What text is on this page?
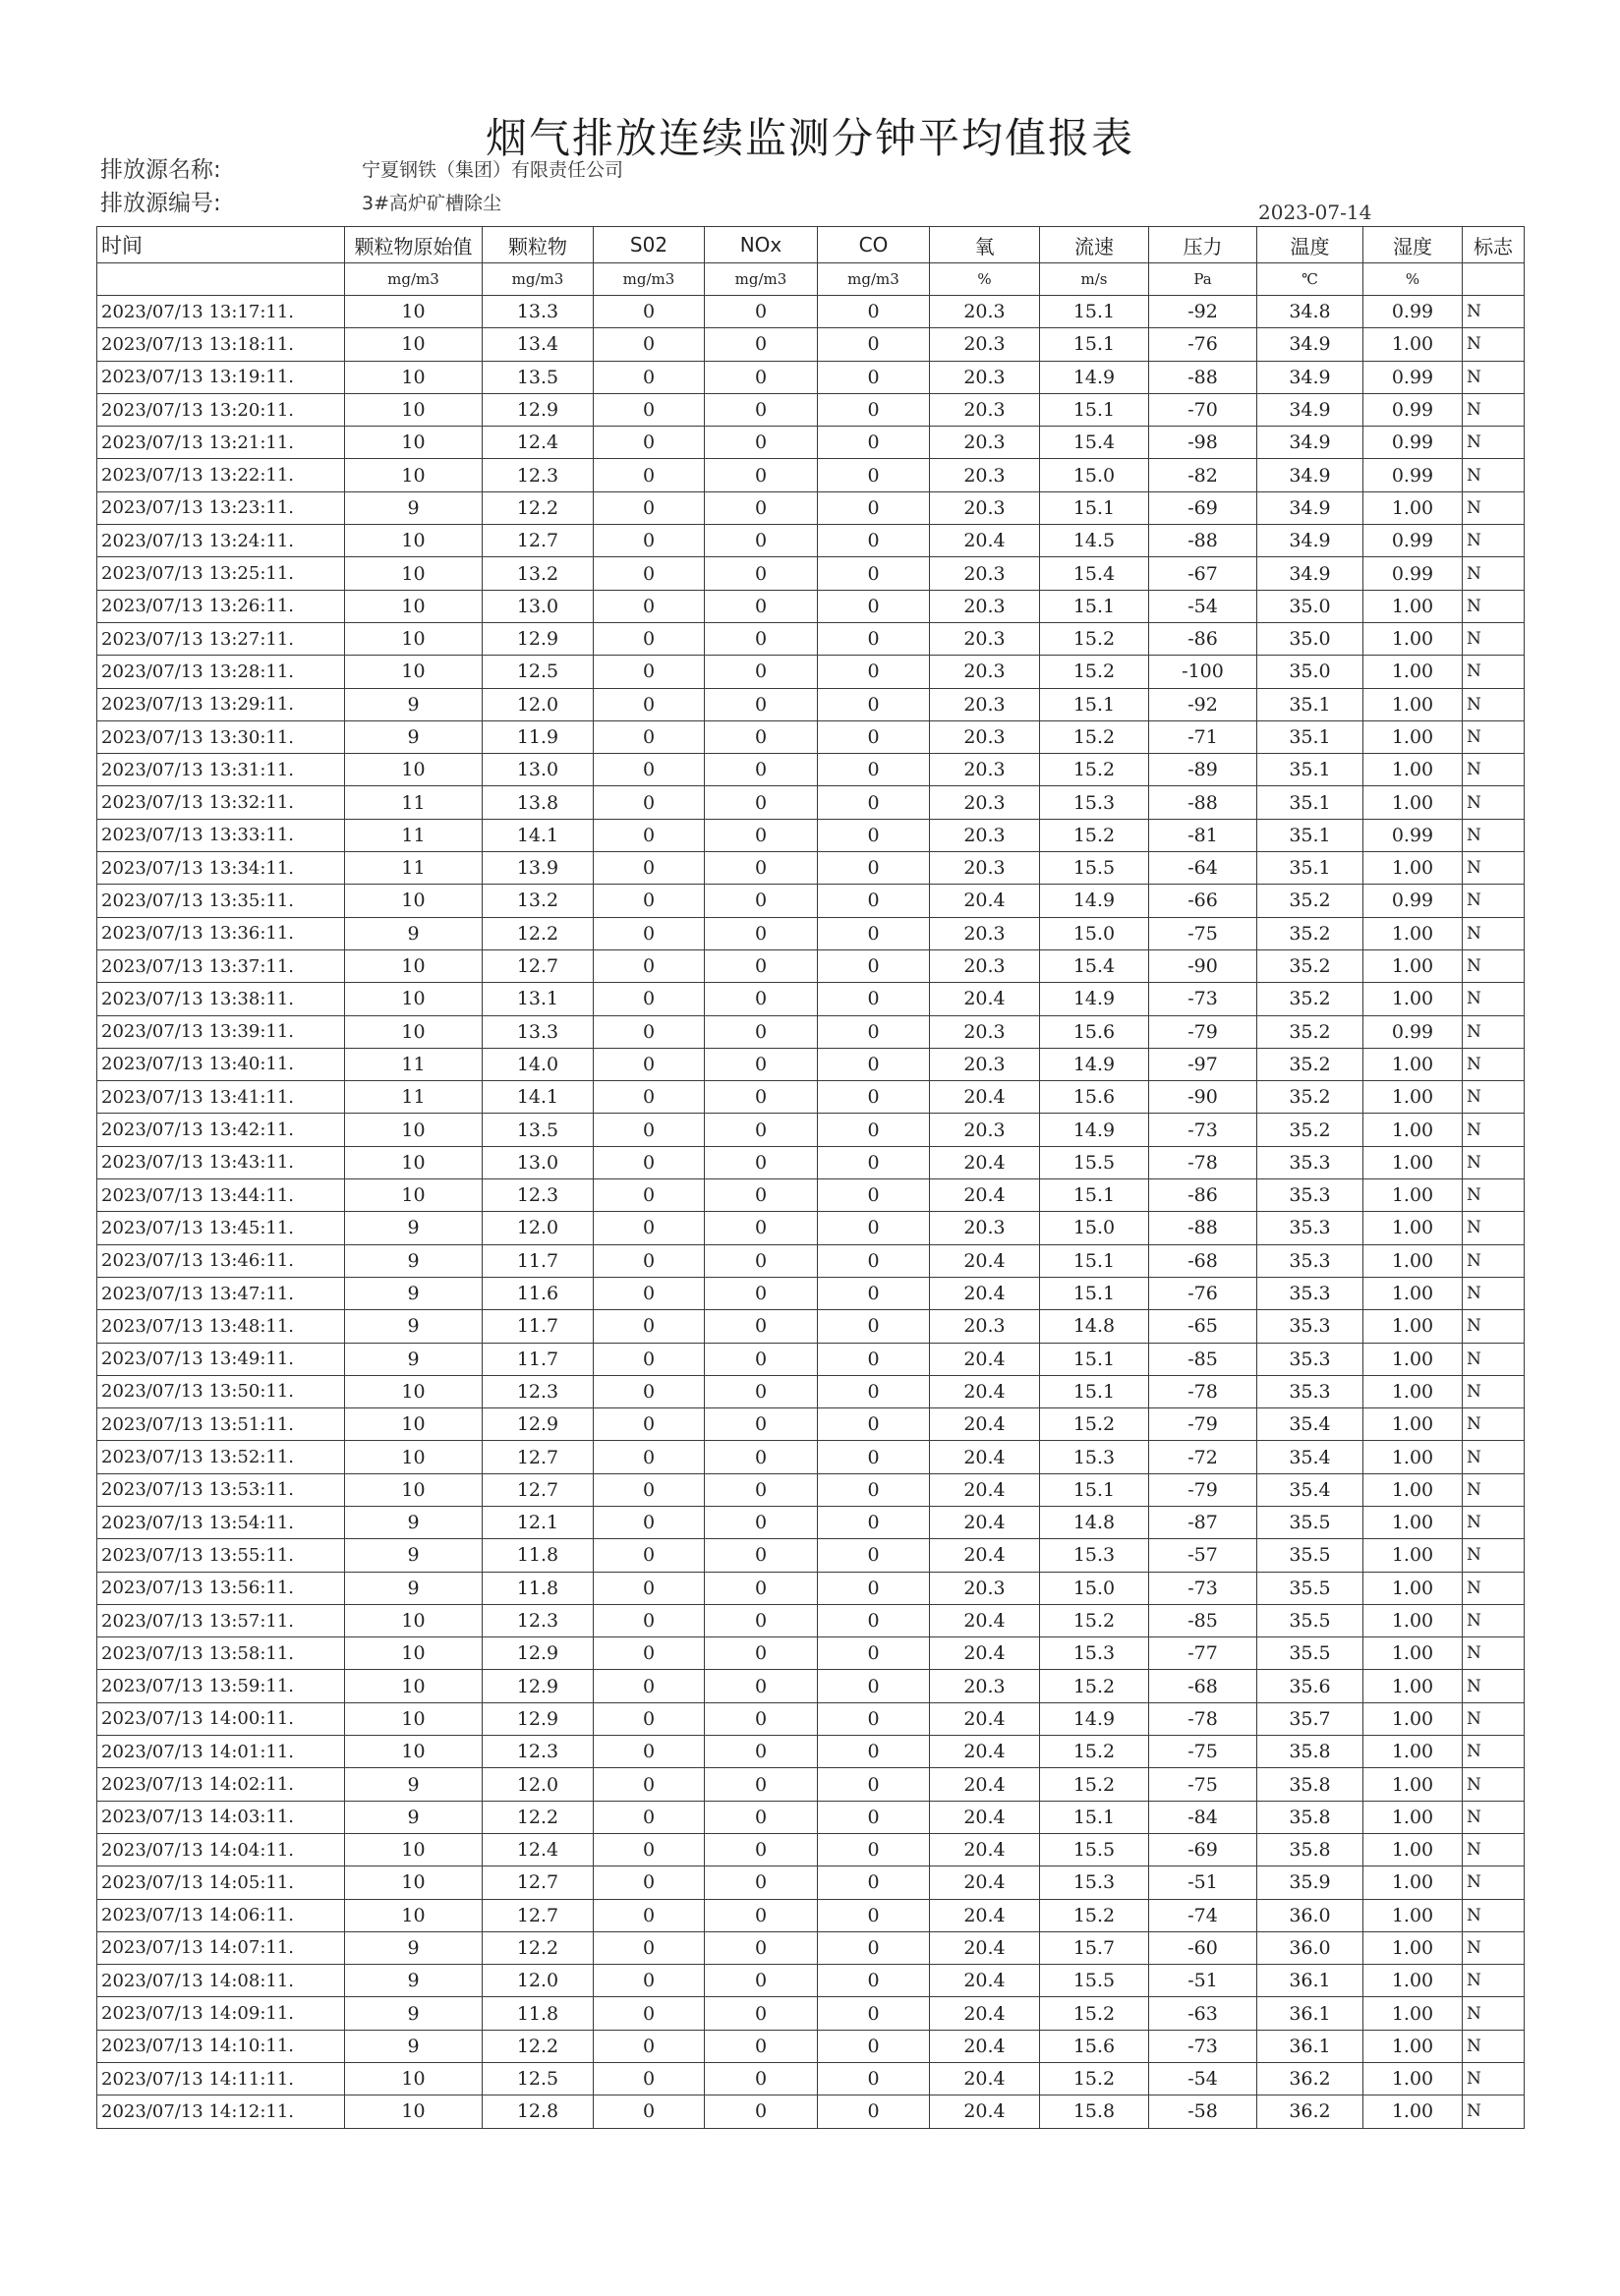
烟气排放连续监测分钟平均值报表
排放源名称:	宁夏钢铁（集团）有限责任公司
排放源编号:	3#高炉矿槽除尘	2023-07-14
时间	颗粒物原始值	颗粒物	S02	NOx	CO	氧	流速	压力	温度	湿度	标志
	mg/m3	mg/m3	mg/m3	mg/m3	mg/m3	%	m/s	Pa	℃	%	
2023/07/13 13:17:11.	10	13.3	0	0	0	20.3	15.1	-92	34.8	0.99	N
2023/07/13 13:18:11.	10	13.4	0	0	0	20.3	15.1	-76	34.9	1.00	N
2023/07/13 13:19:11.	10	13.5	0	0	0	20.3	14.9	-88	34.9	0.99	N
2023/07/13 13:20:11.	10	12.9	0	0	0	20.3	15.1	-70	34.9	0.99	N
2023/07/13 13:21:11.	10	12.4	0	0	0	20.3	15.4	-98	34.9	0.99	N
2023/07/13 13:22:11.	10	12.3	0	0	0	20.3	15.0	-82	34.9	0.99	N
2023/07/13 13:23:11.	9	12.2	0	0	0	20.3	15.1	-69	34.9	1.00	N
2023/07/13 13:24:11.	10	12.7	0	0	0	20.4	14.5	-88	34.9	0.99	N
2023/07/13 13:25:11.	10	13.2	0	0	0	20.3	15.4	-67	34.9	0.99	N
2023/07/13 13:26:11.	10	13.0	0	0	0	20.3	15.1	-54	35.0	1.00	N
2023/07/13 13:27:11.	10	12.9	0	0	0	20.3	15.2	-86	35.0	1.00	N
2023/07/13 13:28:11.	10	12.5	0	0	0	20.3	15.2	-100	35.0	1.00	N
2023/07/13 13:29:11.	9	12.0	0	0	0	20.3	15.1	-92	35.1	1.00	N
2023/07/13 13:30:11.	9	11.9	0	0	0	20.3	15.2	-71	35.1	1.00	N
2023/07/13 13:31:11.	10	13.0	0	0	0	20.3	15.2	-89	35.1	1.00	N
2023/07/13 13:32:11.	11	13.8	0	0	0	20.3	15.3	-88	35.1	1.00	N
2023/07/13 13:33:11.	11	14.1	0	0	0	20.3	15.2	-81	35.1	0.99	N
2023/07/13 13:34:11.	11	13.9	0	0	0	20.3	15.5	-64	35.1	1.00	N
2023/07/13 13:35:11.	10	13.2	0	0	0	20.4	14.9	-66	35.2	0.99	N
2023/07/13 13:36:11.	9	12.2	0	0	0	20.3	15.0	-75	35.2	1.00	N
2023/07/13 13:37:11.	10	12.7	0	0	0	20.3	15.4	-90	35.2	1.00	N
2023/07/13 13:38:11.	10	13.1	0	0	0	20.4	14.9	-73	35.2	1.00	N
2023/07/13 13:39:11.	10	13.3	0	0	0	20.3	15.6	-79	35.2	0.99	N
2023/07/13 13:40:11.	11	14.0	0	0	0	20.3	14.9	-97	35.2	1.00	N
2023/07/13 13:41:11.	11	14.1	0	0	0	20.4	15.6	-90	35.2	1.00	N
2023/07/13 13:42:11.	10	13.5	0	0	0	20.3	14.9	-73	35.2	1.00	N
2023/07/13 13:43:11.	10	13.0	0	0	0	20.4	15.5	-78	35.3	1.00	N
2023/07/13 13:44:11.	10	12.3	0	0	0	20.4	15.1	-86	35.3	1.00	N
2023/07/13 13:45:11.	9	12.0	0	0	0	20.3	15.0	-88	35.3	1.00	N
2023/07/13 13:46:11.	9	11.7	0	0	0	20.4	15.1	-68	35.3	1.00	N
2023/07/13 13:47:11.	9	11.6	0	0	0	20.4	15.1	-76	35.3	1.00	N
2023/07/13 13:48:11.	9	11.7	0	0	0	20.3	14.8	-65	35.3	1.00	N
2023/07/13 13:49:11.	9	11.7	0	0	0	20.4	15.1	-85	35.3	1.00	N
2023/07/13 13:50:11.	10	12.3	0	0	0	20.4	15.1	-78	35.3	1.00	N
2023/07/13 13:51:11.	10	12.9	0	0	0	20.4	15.2	-79	35.4	1.00	N
2023/07/13 13:52:11.	10	12.7	0	0	0	20.4	15.3	-72	35.4	1.00	N
2023/07/13 13:53:11.	10	12.7	0	0	0	20.4	15.1	-79	35.4	1.00	N
2023/07/13 13:54:11.	9	12.1	0	0	0	20.4	14.8	-87	35.5	1.00	N
2023/07/13 13:55:11.	9	11.8	0	0	0	20.4	15.3	-57	35.5	1.00	N
2023/07/13 13:56:11.	9	11.8	0	0	0	20.3	15.0	-73	35.5	1.00	N
2023/07/13 13:57:11.	10	12.3	0	0	0	20.4	15.2	-85	35.5	1.00	N
2023/07/13 13:58:11.	10	12.9	0	0	0	20.4	15.3	-77	35.5	1.00	N
2023/07/13 13:59:11.	10	12.9	0	0	0	20.3	15.2	-68	35.6	1.00	N
2023/07/13 14:00:11.	10	12.9	0	0	0	20.4	14.9	-78	35.7	1.00	N
2023/07/13 14:01:11.	10	12.3	0	0	0	20.4	15.2	-75	35.8	1.00	N
2023/07/13 14:02:11.	9	12.0	0	0	0	20.4	15.2	-75	35.8	1.00	N
2023/07/13 14:03:11.	9	12.2	0	0	0	20.4	15.1	-84	35.8	1.00	N
2023/07/13 14:04:11.	10	12.4	0	0	0	20.4	15.5	-69	35.8	1.00	N
2023/07/13 14:05:11.	10	12.7	0	0	0	20.4	15.3	-51	35.9	1.00	N
2023/07/13 14:06:11.	10	12.7	0	0	0	20.4	15.2	-74	36.0	1.00	N
2023/07/13 14:07:11.	9	12.2	0	0	0	20.4	15.7	-60	36.0	1.00	N
2023/07/13 14:08:11.	9	12.0	0	0	0	20.4	15.5	-51	36.1	1.00	N
2023/07/13 14:09:11.	9	11.8	0	0	0	20.4	15.2	-63	36.1	1.00	N
2023/07/13 14:10:11.	9	12.2	0	0	0	20.4	15.6	-73	36.1	1.00	N
2023/07/13 14:11:11.	10	12.5	0	0	0	20.4	15.2	-54	36.2	1.00	N
2023/07/13 14:12:11.	10	12.8	0	0	0	20.4	15.8	-58	36.2	1.00	N
